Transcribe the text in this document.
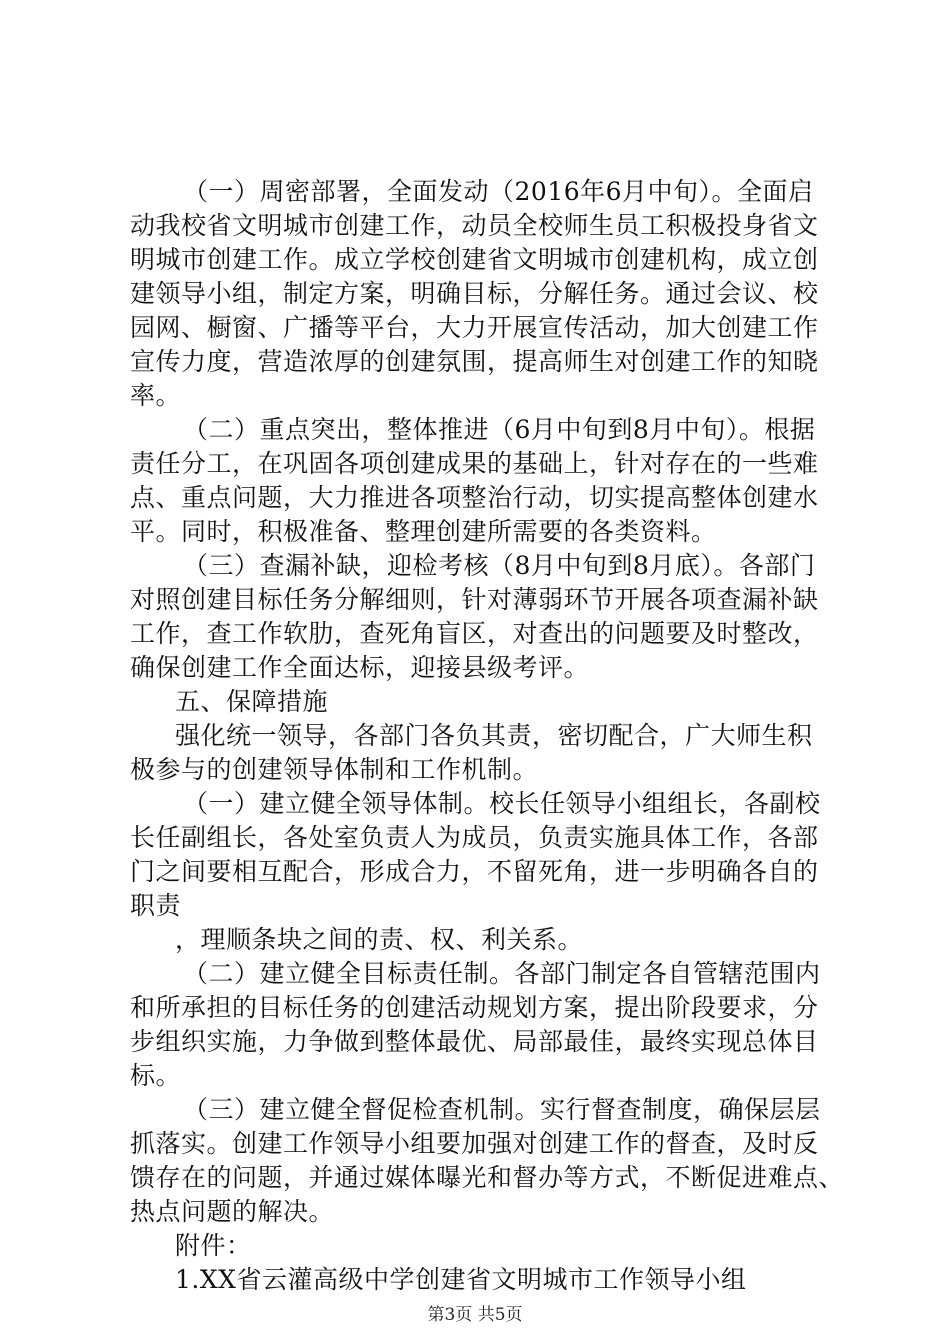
（一）周密部署，全面发动（2016年6月中旬）。全面启
动我校省文明城市创建工作，动员全校师生员工积极投身省文
明城市创建工作。成立学校创建省文明城市创建机构，成立创
建领导小组，制定方案，明确目标，分解任务。通过会议、校
园网、橱窗、广播等平台，大力开展宣传活动，加大创建工作
宣传力度，营造浓厚的创建氛围，提高师生对创建工作的知晓
率。
（二）重点突出，整体推进（6月中旬到8月中旬）。根据
责任分工，在巩固各项创建成果的基础上，针对存在的一些难
点、重点问题，大力推进各项整治行动，切实提高整体创建水
平。同时，积极准备、整理创建所需要的各类资料。
（三）查漏补缺，迎检考核（8月中旬到8月底）。各部门
对照创建目标任务分解细则，针对薄弱环节开展各项查漏补缺
工作，查工作软肋，查死角盲区，对查出的问题要及时整改，
确保创建工作全面达标，迎接县级考评。
五、保障措施
强化统一领导，各部门各负其责，密切配合，广大师生积
极参与的创建领导体制和工作机制。
（一）建立健全领导体制。校长任领导小组组长，各副校
长任副组长，各处室负责人为成员，负责实施具体工作，各部
门之间要相互配合，形成合力，不留死角，进一步明确各自的
职责
，理顺条块之间的责、权、利关系。
（二）建立健全目标责任制。各部门制定各自管辖范围内
和所承担的目标任务的创建活动规划方案，提出阶段要求，分
步组织实施，力争做到整体最优、局部最佳，最终实现总体目
标。
（三）建立健全督促检查机制。实行督查制度，确保层层
抓落实。创建工作领导小组要加强对创建工作的督查，及时反
馈存在的问题，并通过媒体曝光和督办等方式，不断促进难点、
热点问题的解决。
附件：
1.XX省云灌高级中学创建省文明城市工作领导小组
第3页 共5页
